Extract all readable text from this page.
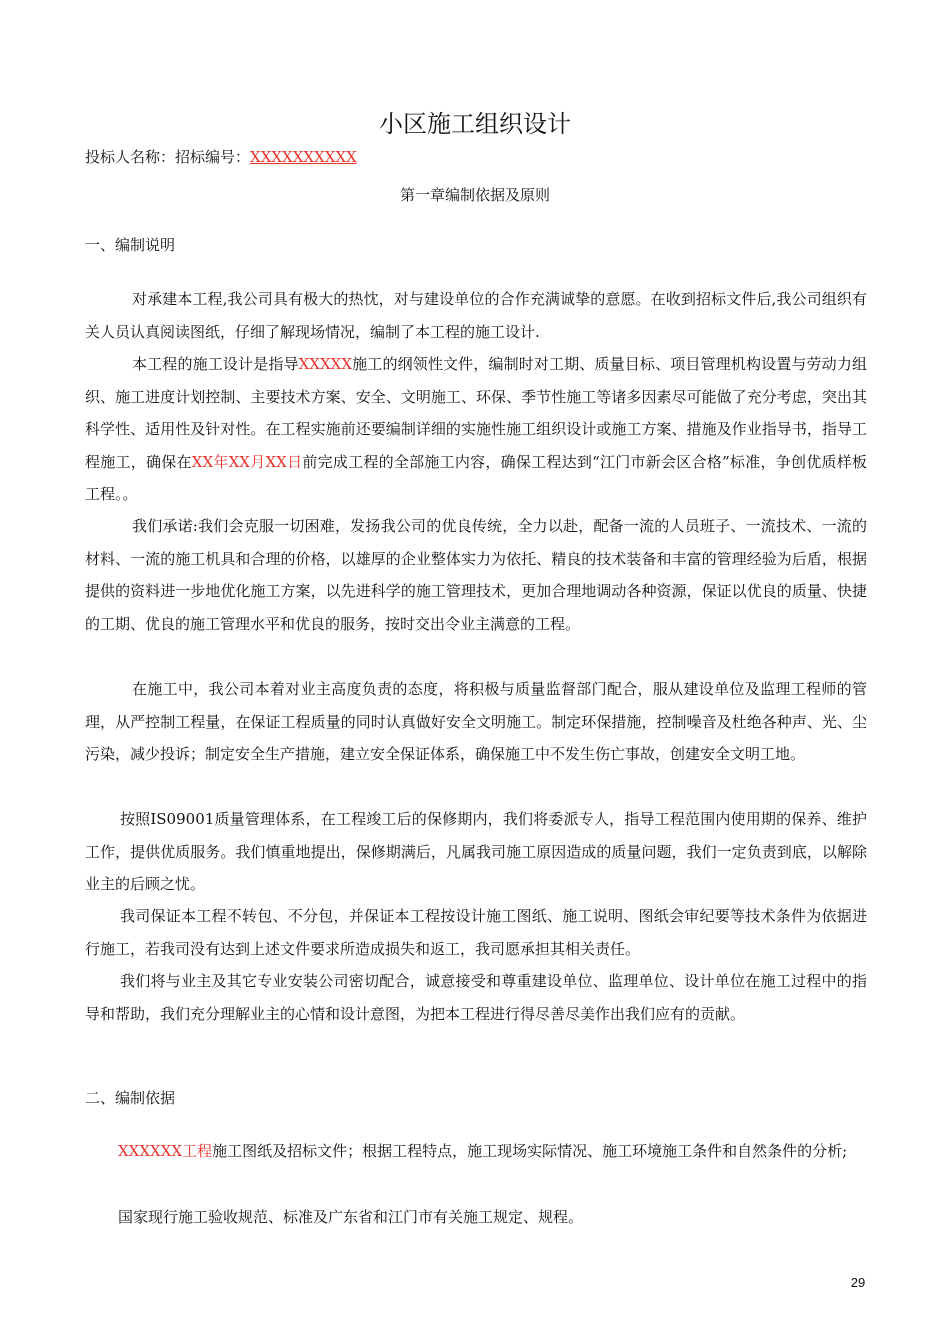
小区施工组织设计
投标人名称：招标编号：XXXXXXXXXX
第一章编制依据及原则
一、编制说明

对承建本工程,我公司具有极大的热忱，对与建设单位的合作充满诚挚的意愿。在收到招标文件后,我公司组织有关人员认真阅读图纸，仔细了解现场情况，编制了本工程的施工设计.

本工程的施工设计是指导XXXXX施工的纲领性文件，编制时对工期、质量目标、项目管理机构设置与劳动力组织、施工进度计划控制、主要技术方案、安全、文明施工、环保、季节性施工等诸多因素尽可能做了充分考虑，突出其科学性、适用性及针对性。在工程实施前还要编制详细的实施性施工组织设计或施工方案、措施及作业指导书，指导工程施工，确保在XX年XX月XX日前完成工程的全部施工内容，确保工程达到“江门市新会区合格”标准，争创优质样板工程。。

我们承诺:我们会克服一切困难，发扬我公司的优良传统，全力以赴，配备一流的人员班子、一流技术、一流的材料、一流的施工机具和合理的价格，以雄厚的企业整体实力为依托、精良的技术装备和丰富的管理经验为后盾，根据提供的资料进一步地优化施工方案，以先进科学的施工管理技术，更加合理地调动各种资源，保证以优良的质量、快捷的工期、优良的施工管理水平和优良的服务，按时交出令业主满意的工程。

在施工中，我公司本着对业主高度负责的态度，将积极与质量监督部门配合，服从建设单位及监理工程师的管理，从严控制工程量，在保证工程质量的同时认真做好安全文明施工。制定环保措施，控制噪音及杜绝各种声、光、尘污染，减少投诉；制定安全生产措施，建立安全保证体系，确保施工中不发生伤亡事故，创建安全文明工地。

按照IS09001质量管理体系，在工程竣工后的保修期内，我们将委派专人，指导工程范围内使用期的保养、维护工作，提供优质服务。我们慎重地提出，保修期满后，凡属我司施工原因造成的质量问题，我们一定负责到底，以解除业主的后顾之忧。

我司保证本工程不转包、不分包，并保证本工程按设计施工图纸、施工说明、图纸会审纪要等技术条件为依据进行施工，若我司没有达到上述文件要求所造成损失和返工，我司愿承担其相关责任。

我们将与业主及其它专业安装公司密切配合，诚意接受和尊重建设单位、监理单位、设计单位在施工过程中的指导和帮助，我们充分理解业主的心情和设计意图，为把本工程进行得尽善尽美作出我们应有的贡献。

二、编制依据

XXXXXX工程施工图纸及招标文件；根据工程特点，施工现场实际情况、施工环境施工条件和自然条件的分析;

国家现行施工验收规范、标准及广东省和江门市有关施工规定、规程。

29
